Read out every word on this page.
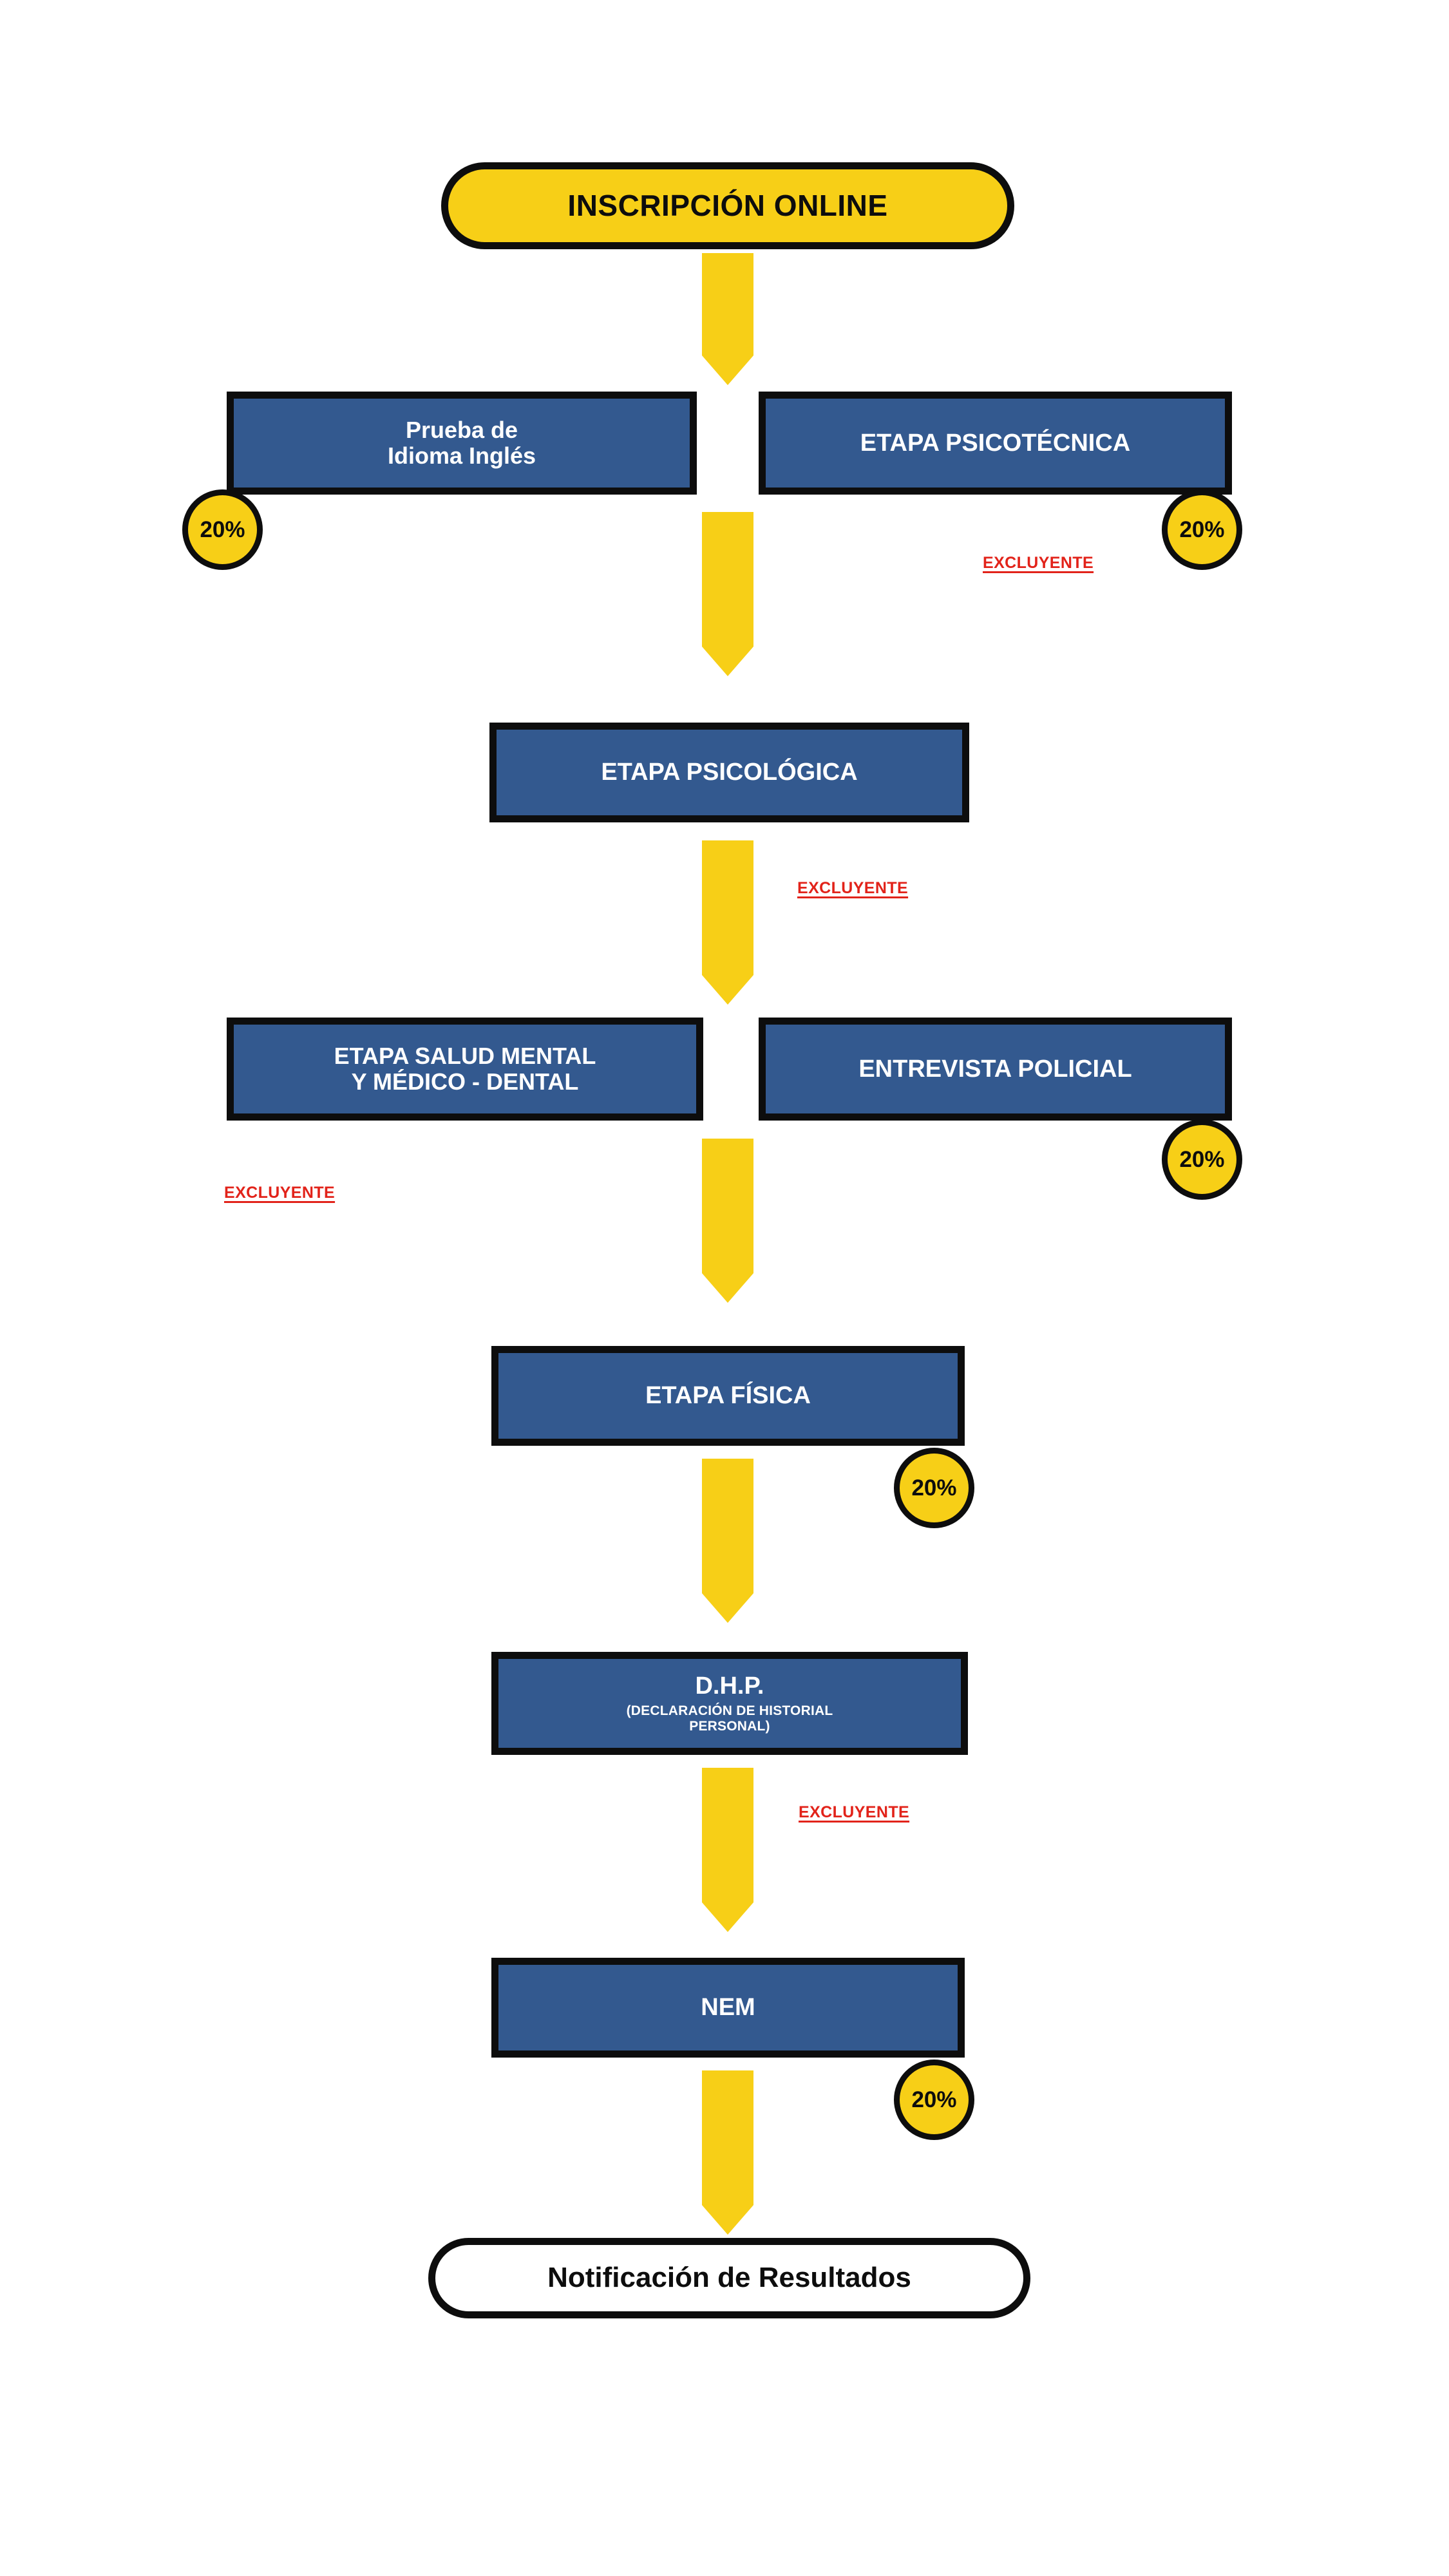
INSCRIPCIÓN ONLINE
Prueba de
Idioma Inglés
20%
ETAPA PSICOTÉCNICA
20%
EXCLUYENTE
ETAPA PSICOLÓGICA
EXCLUYENTE
ETAPA SALUD MENTAL
Y MÉDICO - DENTAL
EXCLUYENTE
ENTREVISTA POLICIAL
20%
ETAPA FÍSICA
20%
D.H.P.
(DECLARACIÓN DE HISTORIAL
PERSONAL)
EXCLUYENTE
NEM
20%
Notificación de Resultados
